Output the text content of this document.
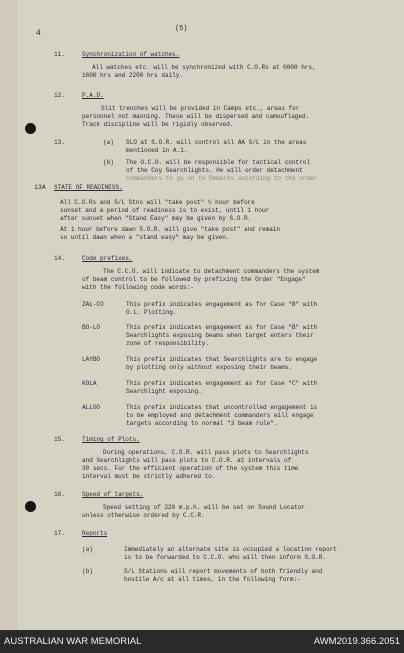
4	(5)
11.	Synchronization of watches.
All watches etc. will be synchronized with C.O.Rs at 0800 hrs,
1600 hrs and 2200 hrs daily.
12.	P.A.D.
Slit trenches will be provided in Camps etc., areas for
personnel not manning. These will be dispersed and camouflaged.
Track discipline will be rigidly observed.
13.	(a) SLO at S.O.R. will control all AA S/L in the areas
mentioned in A.1.
(b) The O.C.O. will be responsible for tactical control
of the Coy Searchlights. He will order detachment
commanders to go on to Remarks according to the order
13A STATE OF READINESS.
All C.O.Rs and S/L Stns will "take post" ½ hour before
sunset and a period of readiness is to exist, until 1 hour
after sunset when "Stand Easy" may be given by S.O.R.
At 1 hour before dawn S.O.R. will give "take post" and remain
so until dawn when a "stand easy" may be given.
14.	Code prefixes.
The C.C.O. will indicate to detachment commanders the system
of beam control to be followed by prefixing the Order "Engage"
with the following code words:-
ZAL-CO	This prefix indicates engagement as for Case "B" with
G.L. Plotting.
BO-LO	This prefix indicates engagement as for Case "B" with
Searchlights exposing beams when target enters their
zone of responsibility.
LAYBO	This prefix indicates that Searchlights are to engage
by plotting only without exposing their beams.
KOLA	This prefix indicates engagement as for Case "C" with
Searchlight exposing.
ALLOO	This prefix indicates that uncontrolled engagement is
to be employed and detachment commanders will engage
targets according to normal "3 beam rule".
15.	Timing of Plots.
During operations, C.O.R. will pass plots to Searchlights
and Searchlights will pass plots to C.O.R. at intervals of
30 secs. For the efficient operation of the system this time
interval must be strictly adhered to.
16.	Speed of targets.
Speed setting of 220 m.p.h. will be set on Sound Locator
unless otherwise ordered by C.C.R.
17.	Reports
(a)	Immediately an alternate site is occupied a location report
is to be forwarded to C.C.O. who will then inform S.O.R.
(b)	S/L Stations will report movements of both friendly and
hostile A/c at all times, in the following form:-
AUSTRALIAN WAR MEMORIAL	AWM2019.366.2051
